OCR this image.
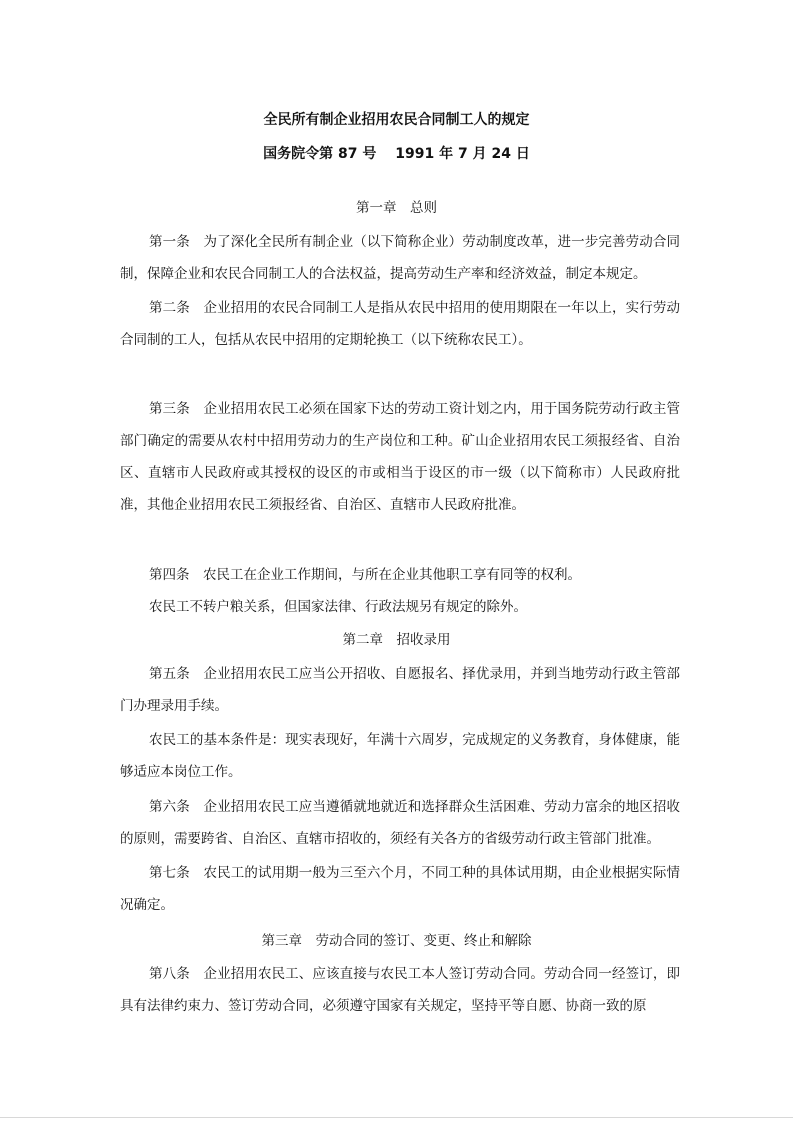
全民所有制企业招用农民合同制工人的规定
国务院令第 87 号　 1991 年 7 月 24 日
第一章　总则

第一条　为了深化全民所有制企业（以下简称企业）劳动制度改革，进一步完善劳动合同制，保障企业和农民合同制工人的合法权益，提高劳动生产率和经济效益，制定本规定。

第二条　企业招用的农民合同制工人是指从农民中招用的使用期限在一年以上，实行劳动合同制的工人，包括从农民中招用的定期轮换工（以下统称农民工）。

第三条　企业招用农民工必须在国家下达的劳动工资计划之内，用于国务院劳动行政主管部门确定的需要从农村中招用劳动力的生产岗位和工种。矿山企业招用农民工须报经省、自治区、直辖市人民政府或其授权的设区的市或相当于设区的市一级（以下简称市）人民政府批准，其他企业招用农民工须报经省、自治区、直辖市人民政府批准。

第四条　农民工在企业工作期间，与所在企业其他职工享有同等的权利。

农民工不转户粮关系，但国家法律、行政法规另有规定的除外。

第二章　招收录用

第五条　企业招用农民工应当公开招收、自愿报名、择优录用，并到当地劳动行政主管部门办理录用手续。

农民工的基本条件是：现实表现好，年满十六周岁，完成规定的义务教育，身体健康，能够适应本岗位工作。

第六条　企业招用农民工应当遵循就地就近和选择群众生活困难、劳动力富余的地区招收的原则，需要跨省、自治区、直辖市招收的，须经有关各方的省级劳动行政主管部门批准。

第七条　农民工的试用期一般为三至六个月，不同工种的具体试用期，由企业根据实际情况确定。

第三章　劳动合同的签订、变更、终止和解除

第八条　企业招用农民工、应该直接与农民工本人签订劳动合同。劳动合同一经签订，即具有法律约束力、签订劳动合同，必须遵守国家有关规定，坚持平等自愿、协商一致的原
